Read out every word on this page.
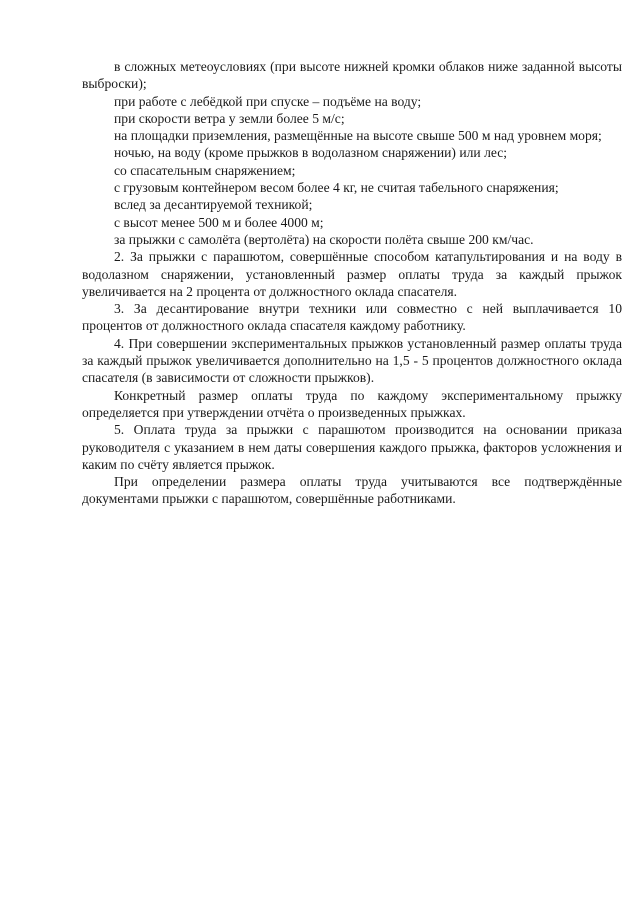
в сложных метеоусловиях (при высоте нижней кромки облаков ниже заданной высоты выброски);

при работе с лебёдкой при спуске – подъёме на воду;

при скорости ветра у земли более 5 м/с;

на площадки приземления, размещённые на высоте свыше 500 м над уровнем моря;

ночью, на воду (кроме прыжков в водолазном снаряжении) или лес;

со спасательным снаряжением;

с грузовым контейнером весом более 4 кг, не считая табельного снаряжения;

вслед за десантируемой техникой;

с высот менее 500 м и более 4000 м;

за прыжки с самолёта (вертолёта) на скорости полёта свыше 200 км/час.

2. За прыжки с парашютом, совершённые способом катапультирования и на воду в водолазном снаряжении, установленный размер оплаты труда за каждый прыжок увеличивается на 2 процента от должностного оклада спасателя.

3. За десантирование внутри техники или совместно с ней выплачивается 10 процентов от должностного оклада спасателя каждому работнику.

4. При совершении экспериментальных прыжков установленный размер оплаты труда за каждый прыжок увеличивается дополнительно на 1,5 - 5 процентов должностного оклада спасателя (в зависимости от сложности прыжков).

Конкретный размер оплаты труда по каждому экспериментальному прыжку определяется при утверждении отчёта о произведенных прыжках.

5. Оплата труда за прыжки с парашютом производится на основании приказа руководителя с указанием в нем даты совершения каждого прыжка, факторов усложнения и каким по счёту является прыжок.

При определении размера оплаты труда учитываются все подтверждённые документами прыжки с парашютом, совершённые работниками.
